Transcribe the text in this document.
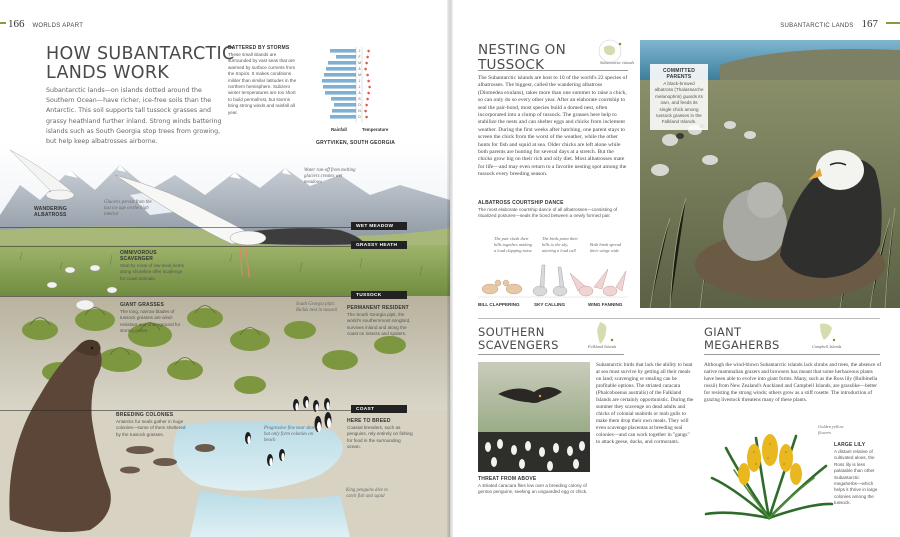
166 WORLDS APART
HOW SUBANTARCTIC
LANDS WORK
Subantarctic lands—on islands dotted around the Southern Ocean—have richer, ice-free soils than the Antarctic. This soil supports tall tussock grasses and grassy heathland further inland. Strong winds battering islands such as South Georgia stop trees from growing, but help keep albatrosses airborne.
BATTERED BY STORMS
These small islands are surrounded by vast seas that are warmed by surface currents from the tropics. It makes conditions milder than similar latitudes in the northern hemisphere. Subzero winter temperatures are too short to build permafrost, but storms bring strong winds and rainfall all year.
J
F
M
A
M
J
J
A
S
O
N
D
✱
✱
✱
✱
✱
✱
✱
✱
✱
✱
✱
✱
Rainfall	Temperature
GRYTVIKEN, SOUTH GEORGIA
WANDERING ALBATROSS
Glaciers persist from the last ice age on the high interior
Water run-off from melting glaciers creates wet meadows
OMNIVOROUS SCAVENGER
Starchy roots of low-level herbs along shoreline offer scavenge for coast animals.
GIANT GRASSES
The long, narrow blades of tussock grasses are wind-resistant and underground for storing gases.
South Georgia pipit. Builds nest in tussock	PERMANENT RESIDENT
The South Georgia pipit, the world's southernmost songbird, survives inland and along the coast on insects and spiders.
BREEDING COLONIES
Antarctic fur seals gather in huge colonies—some of them sheltered by the tussock grasses.
Progressive fine near shore, but only form colonies on beach
HERE TO BREED
Coastal breeders, such as penguins, rely entirely on fishing for food in the surrounding ocean.
King penguins dive to catch fish and squid
WET MEADOW
GRASSY HEATH
TUSSOCK
COAST
SUBANTARCTIC LANDS 167
NESTING ON
TUSSOCK	Subantarctic islands
The Subantarctic islands are host to 10 of the world's 22 species of albatrosses. The biggest, called the wandering albatross (Diomedea exulans), takes more than one summer to raise a chick, so can only do so every other year. After an elaborate courtship to seal the pair-bond, most species build a domed nest, often incorporated into a clump of tussock. The grasses here help to stabilize the nests and can shelter eggs and chicks from inclement weather. During the first weeks after hatching, one parent stays to screen the chick from the worst of the weather, while the other hunts for fish and squid at sea. Older chicks are left alone while both parents are hunting for several days at a stretch. But the chicks grow big on their rich and oily diet. Most albatrosses mate for life—and may even return to a favorite nesting spot among the tussock every breeding season.
COMMITTED PARENTS
A black-browed albatross (Thalassarche melanophris) guards its own, and feeds its single chick among tussock grasses in the Falkland Islands.
ALBATROSS COURTSHIP DANCE
The most elaborate courtship dance of all albatrosses—consisting of ritualized postures—seals the bond between a newly formed pair.
The pair clash their bills together, making a loud clapping noise
The birds point their bills to the sky, uttering a loud call
Both birds spread their wings wide
BILL CLAPPERING	SKY CALLING	WING FANNING
SOUTHERN
SCAVENGERS	Falkland Islands
THREAT FROM ABOVE
A striated caracara flies low over a breeding colony of gentoo penguins, seeking an unguarded egg or chick.
Subantarctic birds that lack the ability to hunt at sea must survive by getting all their meals on land; scavenging or stealing can be profitable options. The striated caracara (Phalcoboenus australis) of the Falkland Islands are certainly opportunistic. During the summer they scavenge on dead adults and chicks of colonial seabirds or mob gulls to make them drop their own meals. They will even scavenge placentas at breeding seal colonies—and can work together in "gangs" to attack geese, ducks, and cormorants.
GIANT
MEGAHERBS	Campbell Islands
Although the wind-blown Subantarctic islands lack shrubs and trees, the absence of native mammalian grazers and browsers has meant that some herbaceous plants have been able to evolve into giant forms. Many, such as the Ross lily (Bulbinella rossii) from New Zealand's Auckland and Campbell Islands, are grasslike—better for resisting the strong winds; others grow as a stiff rosette. The introduction of grazing livestock threatens many of these plants.
Golden yellow flowers
LARGE LILY
A distant relative of cultivated aloes, the Ross lily is less palatable than other Subantarctic megaherbs—which helps it thrive in large colonies among the tussock.
